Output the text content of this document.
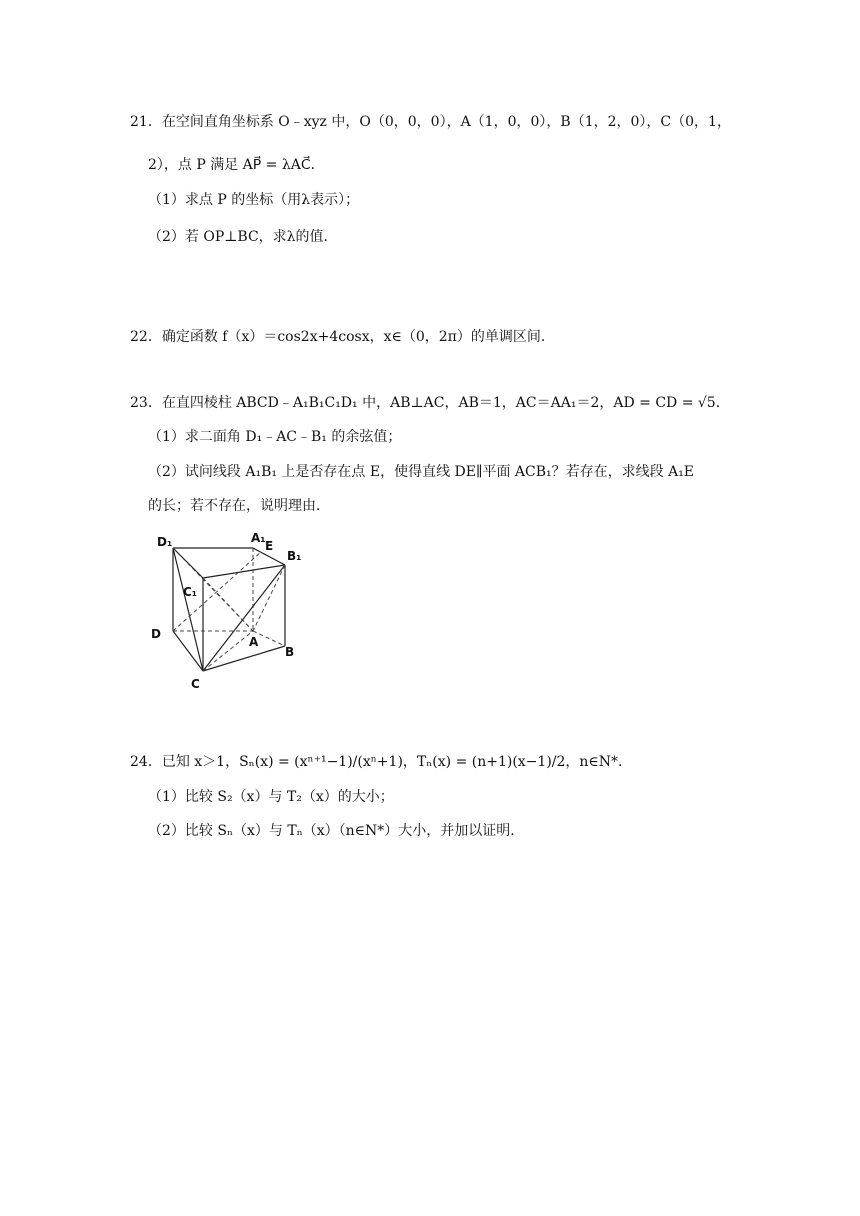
21．在空间直角坐标系 O﹣xyz 中，O（0，0，0），A（1，0，0），B（1，2，0），C（0，1，
2），点 P 满足 AP⃗ = λAC⃗．
（1）求点 P 的坐标（用λ表示）；
（2）若 OP⊥BC，求λ的值．
22．确定函数 f（x）＝cos2x+4cosx，x∈（0，2π）的单调区间．
23．在直四棱柱 ABCD﹣A₁B₁C₁D₁ 中，AB⊥AC，AB＝1，AC＝AA₁＝2，AD = CD = √5．
（1）求二面角 D₁﹣AC﹣B₁ 的余弦值；
（2）试问线段 A₁B₁ 上是否存在点 E，使得直线 DE∥平面 ACB₁？若存在，求线段 A₁E
的长；若不存在，说明理由．
D₁	A₁
E
B₁
C₁
D
A
B
C
24．已知 x＞1，Sₙ(x) = (xⁿ⁺¹−1)/(xⁿ+1)，Tₙ(x) = (n+1)(x−1)/2，n∈N*．
（1）比较 S₂（x）与 T₂（x）的大小；
（2）比较 Sₙ（x）与 Tₙ（x）（n∈N*）大小，并加以证明．
